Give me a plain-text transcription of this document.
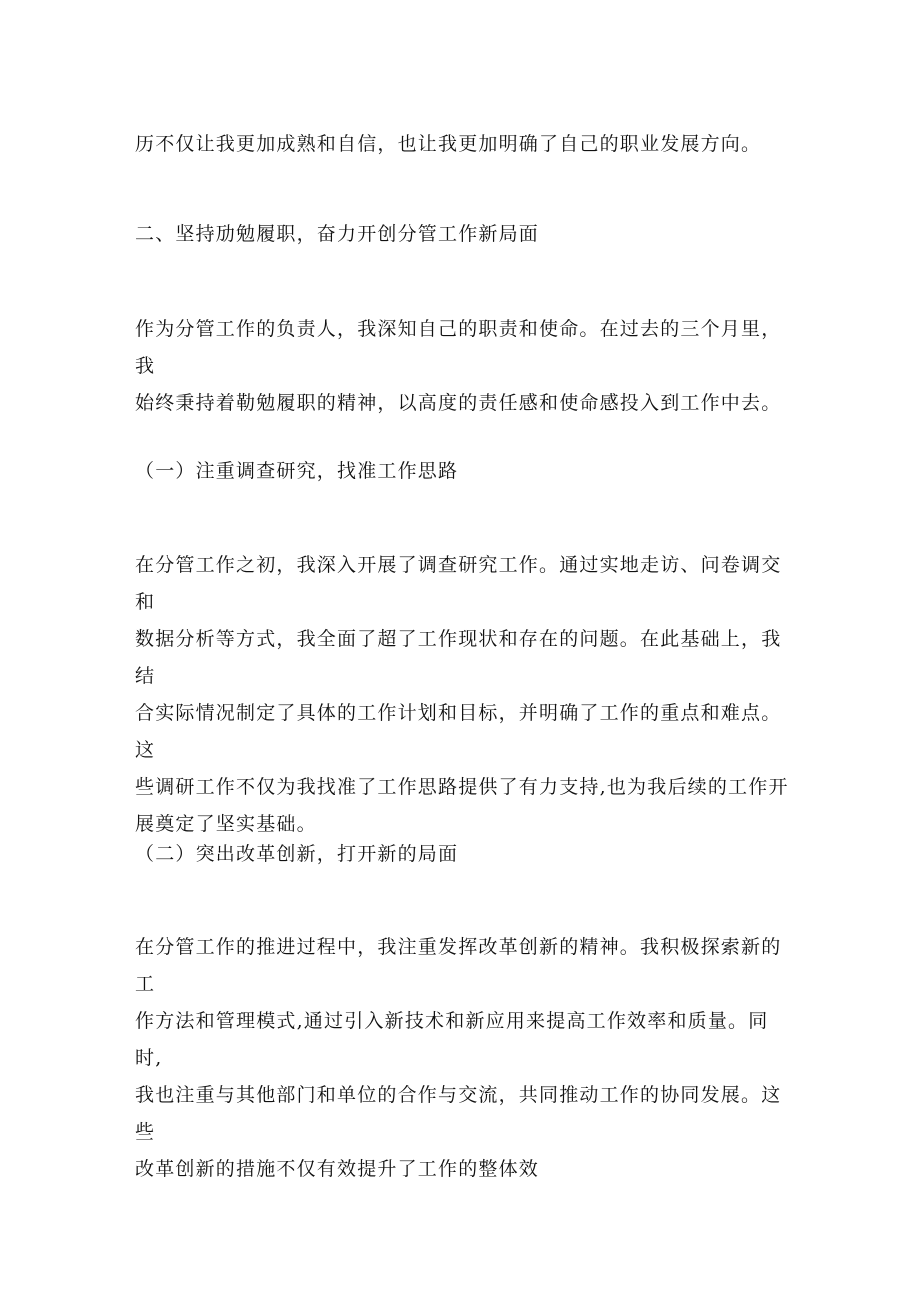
历不仅让我更加成熟和自信，也让我更加明确了自己的职业发展方向。

二、坚持劢勉履职，奋力开创分管工作新局面

作为分管工作的负责人，我深知自己的职责和使命。在过去的三个月里，我
始终秉持着勒勉履职的精神，以高度的责任感和使命感投入到工作中去。

（一）注重调查研究，找准工作思路

在分管工作之初，我深入开展了调查研究工作。通过实地走访、问卷调交和
数据分析等方式，我全面了超了工作现状和存在的问题。在此基础上，我结
合实际情况制定了具体的工作计划和目标，并明确了工作的重点和难点。这
些调研工作不仅为我找准了工作思路提供了有力支持,也为我后续的工作开
展奠定了坚实基础。

（二）突出改革创新，打开新的局面

在分管工作的推进过程中，我注重发挥改革创新的精神。我积极探索新的工
作方法和管理模式,通过引入新技术和新应用来提高工作效率和质量。同时,
我也注重与其他部门和单位的合作与交流，共同推动工作的协同发展。这些
改革创新的措施不仅有效提升了工作的整体效
